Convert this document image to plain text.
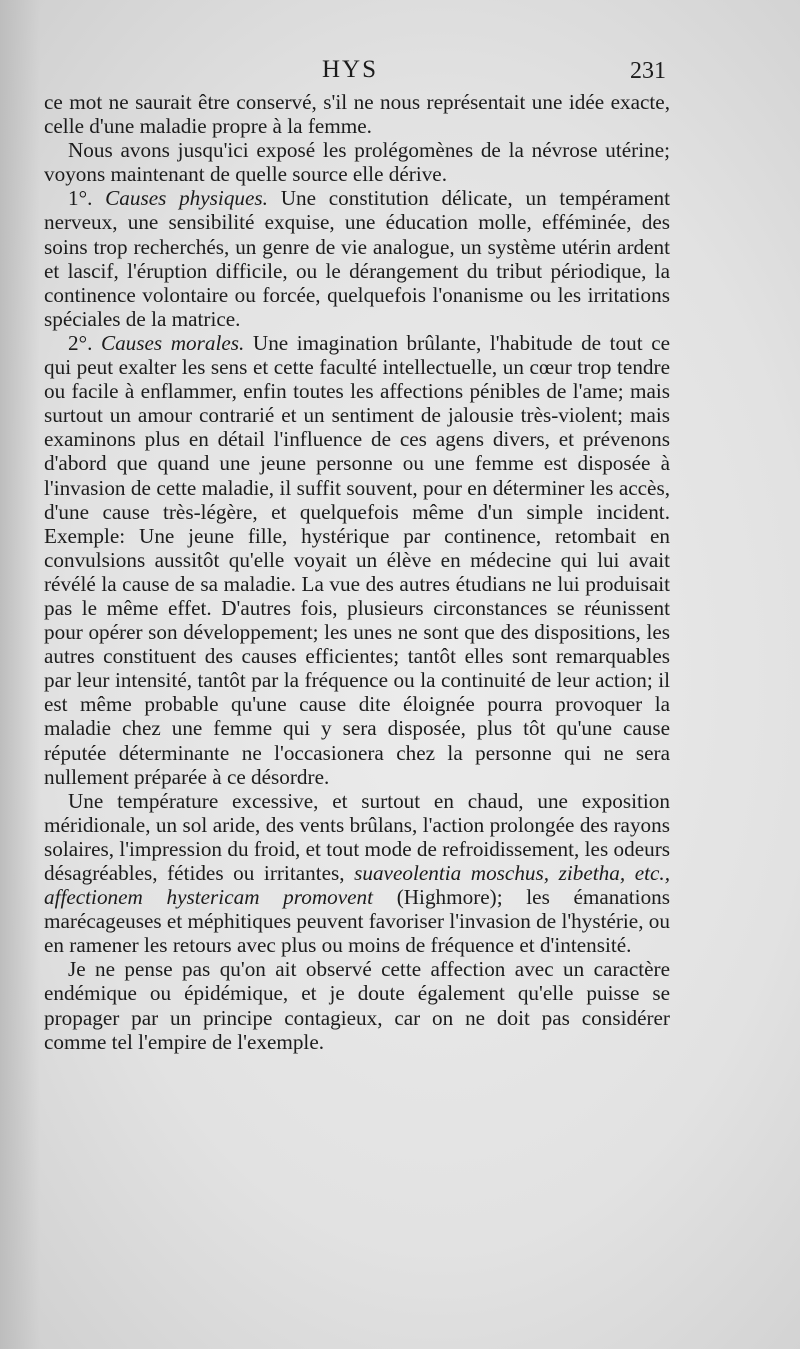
HYS	231

ce mot ne saurait être conservé, s'il ne nous représentait une idée exacte, celle d'une maladie propre à la femme.

Nous avons jusqu'ici exposé les prolégomènes de la névrose utérine; voyons maintenant de quelle source elle dérive.

1°. Causes physiques. Une constitution délicate, un tempérament nerveux, une sensibilité exquise, une éducation molle, efféminée, des soins trop recherchés, un genre de vie analogue, un système utérin ardent et lascif, l'éruption difficile, ou le dérangement du tribut périodique, la continence volontaire ou forcée, quelquefois l'onanisme ou les irritations spéciales de la matrice.

2°. Causes morales. Une imagination brûlante, l'habitude de tout ce qui peut exalter les sens et cette faculté intellectuelle, un cœur trop tendre ou facile à enflammer, enfin toutes les affections pénibles de l'ame; mais surtout un amour contrarié et un sentiment de jalousie très-violent; mais examinons plus en détail l'influence de ces agens divers, et prévenons d'abord que quand une jeune personne ou une femme est disposée à l'invasion de cette maladie, il suffit souvent, pour en déterminer les accès, d'une cause très-légère, et quelquefois même d'un simple incident. Exemple: Une jeune fille, hystérique par continence, retombait en convulsions aussitôt qu'elle voyait un élève en médecine qui lui avait révélé la cause de sa maladie. La vue des autres étudians ne lui produisait pas le même effet. D'autres fois, plusieurs circonstances se réunissent pour opérer son développement; les unes ne sont que des dispositions, les autres constituent des causes efficientes; tantôt elles sont remarquables par leur intensité, tantôt par la fréquence ou la continuité de leur action; il est même probable qu'une cause dite éloignée pourra provoquer la maladie chez une femme qui y sera disposée, plus tôt qu'une cause réputée déterminante ne l'occasionera chez la personne qui ne sera nullement préparée à ce désordre.

Une température excessive, et surtout en chaud, une exposition méridionale, un sol aride, des vents brûlans, l'action prolongée des rayons solaires, l'impression du froid, et tout mode de refroidissement, les odeurs désagréables, fétides ou irritantes, suaveolentia moschus, zibetha, etc., affectionem hystericam promovent (Highmore); les émanations marécageuses et méphitiques peuvent favoriser l'invasion de l'hystérie, ou en ramener les retours avec plus ou moins de fréquence et d'intensité.

Je ne pense pas qu'on ait observé cette affection avec un caractère endémique ou épidémique, et je doute également qu'elle puisse se propager par un principe contagieux, car on ne doit pas considérer comme tel l'empire de l'exemple.
